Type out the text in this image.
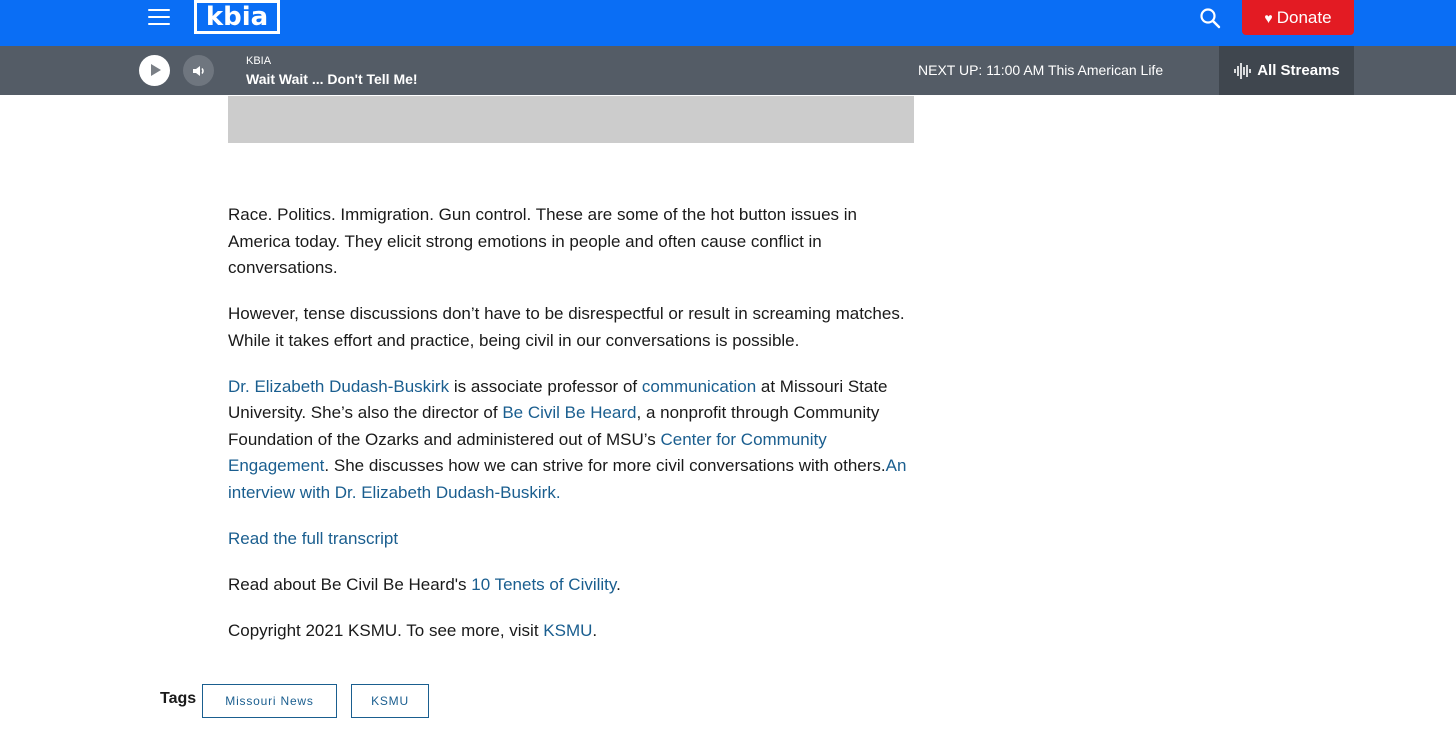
kbia	♥ Donate
KBIA
Wait Wait ... Don't Tell Me!
NEXT UP: 11:00 AM This American Life	All Streams

Race. Politics. Immigration. Gun control. These are some of the hot button issues in America today. They elicit strong emotions in people and often cause conflict in conversations.

However, tense discussions don’t have to be disrespectful or result in screaming matches. While it takes effort and practice, being civil in our conversations is possible.

Dr. Elizabeth Dudash-Buskirk is associate professor of communication at Missouri State University. She’s also the director of Be Civil Be Heard, a nonprofit through Community Foundation of the Ozarks and administered out of MSU’s Center for Community Engagement. She discusses how we can strive for more civil conversations with others.An interview with Dr. Elizabeth Dudash-Buskirk.

Read the full transcript

Read about Be Civil Be Heard's 10 Tenets of Civility.

Copyright 2021 KSMU. To see more, visit KSMU.

Tags	Missouri News	KSMU
